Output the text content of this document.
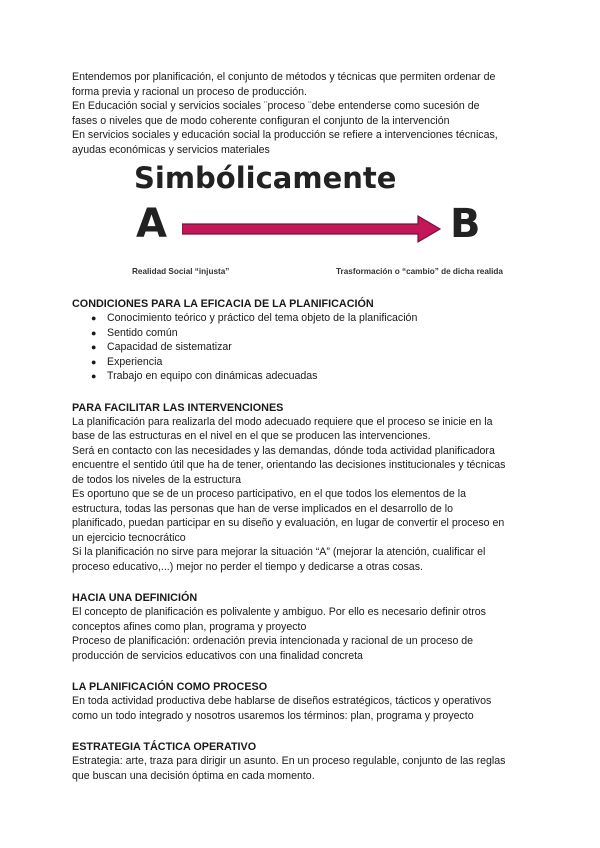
Entendemos por planificación, el conjunto de métodos y técnicas que permiten ordenar de

forma previa y racional un proceso de producción.

En Educación social y servicios sociales ¨proceso ¨debe entenderse como sucesión de

fases o niveles que de modo coherente configuran el conjunto de la intervención

En servicios sociales y educación social la producción se refiere a intervenciones técnicas,

ayudas económicas y servicios materiales

Simbólicamente
A	B
Realidad Social “injusta”	Trasformación o “cambio” de dicha realida
CONDICIONES PARA LA EFICACIA DE LA PLANIFICACIÓN
● Conocimiento teórico y práctico del tema objeto de la planificación
● Sentido común
● Capacidad de sistematizar
● Experiencia
● Trabajo en equipo con dinámicas adecuadas
PARA FACILITAR LAS INTERVENCIONES

La planificación para realizarla del modo adecuado requiere que el proceso se inicie en la

base de las estructuras en el nivel en el que se producen las intervenciones.

Será en contacto con las necesidades y las demandas, dónde toda actividad planificadora

encuentre el sentido útil que ha de tener, orientando las decisiones institucionales y técnicas

de todos los niveles de la estructura

Es oportuno que se de un proceso participativo, en el que todos los elementos de la

estructura, todas las personas que han de verse implicados en el desarrollo de lo

planificado, puedan participar en su diseño y evaluación, en lugar de convertir el proceso en

un ejercicio tecnocrático

Si la planificación no sirve para mejorar la situación “A” (mejorar la atención, cualificar el

proceso educativo,...) mejor no perder el tiempo y dedicarse a otras cosas.

HACIA UNA DEFINICIÓN

El concepto de planificación es polivalente y ambiguo. Por ello es necesario definir otros

conceptos afines como plan, programa y proyecto

Proceso de planificación: ordenación previa intencionada y racional de un proceso de

producción de servicios educativos con una finalidad concreta

LA PLANIFICACIÓN COMO PROCESO

En toda actividad productiva debe hablarse de diseños estratégicos, tácticos y operativos

como un todo integrado y nosotros usaremos los términos: plan, programa y proyecto

ESTRATEGIA TÁCTICA OPERATIVO

Estrategia: arte, traza para dirigir un asunto. En un proceso regulable, conjunto de las reglas

que buscan una decisión óptima en cada momento.
